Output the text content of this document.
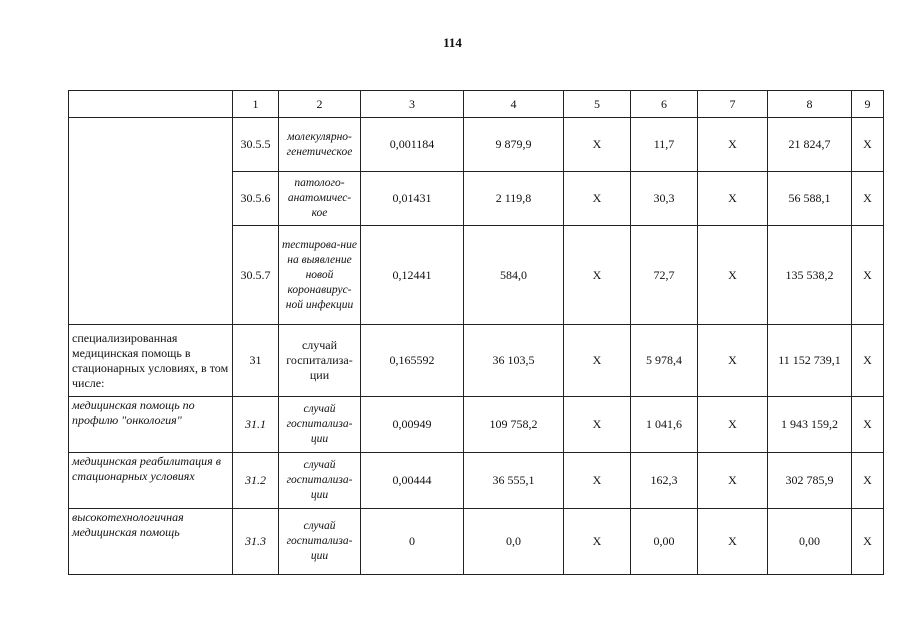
114
	1	2	3	4	5	6	7	8	9
	30.5.5	молекулярно-генетическое	0,001184	9 879,9	X	11,7	X	21 824,7	X
	30.5.6	патолого-анатомичес-кое	0,01431	2 119,8	X	30,3	X	56 588,1	X
	30.5.7	тестирова-ние на выявление новой коронавирус-ной инфекции	0,12441	584,0	X	72,7	X	135 538,2	X
специализированная медицинская помощь в стационарных условиях, в том числе:	31	случай госпитализа-ции	0,165592	36 103,5	X	5 978,4	X	11 152 739,1	X
медицинская помощь по профилю "онкология"	31.1	случай госпитализа-ции	0,00949	109 758,2	X	1 041,6	X	1 943 159,2	X
медицинская реабилитация в стационарных условиях	31.2	случай госпитализа-ции	0,00444	36 555,1	X	162,3	X	302 785,9	X
высокотехнологичная медицинская помощь	31.3	случай госпитализа-ции	0	0,0	X	0,00	X	0,00	X
